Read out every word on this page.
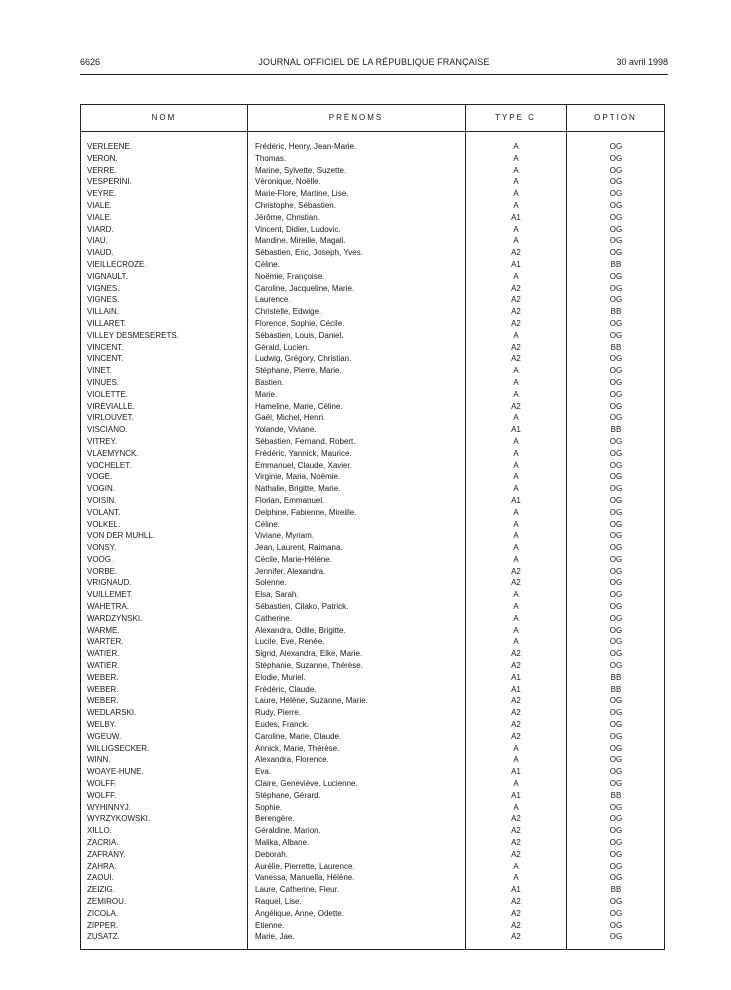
6626	JOURNAL OFFICIEL DE LA RÉPUBLIQUE FRANÇAISE	30 avril 1998
NOM	PRÉNOMS	TYPE C	OPTION
VERLEENE.	Frédéric, Henry, Jean-Marie.	A	OG
VERON.	Thomas.	A	OG
VERRE.	Marine, Sylvette, Suzette.	A	OG
VESPERINI.	Véronique, Noëlle.	A	OG
VEYRE.	Marie-Flore, Martine, Lise.	A	OG
VIALE.	Christophe, Sébastien.	A	OG
VIALE.	Jérôme, Christian.	A1	OG
VIARD.	Vincent, Didier, Ludovic.	A	OG
VIAU.	Mandine, Mireille, Magali.	A	OG
VIAUD.	Sébastien, Eric, Joseph, Yves.	A2	OG
VIEILLECROZE.	Céline.	A1	BB
VIGNAULT.	Noëmie, Françoise.	A	OG
VIGNES.	Caroline, Jacqueline, Marie.	A2	OG
VIGNES.	Laurence.	A2	OG
VILLAIN.	Christelle, Edwige.	A2	BB
VILLARET.	Florence, Sophie, Cécile.	A2	OG
VILLEY DESMESERETS.	Sébastien, Louis, Daniel.	A	OG
VINCENT.	Gérald, Lucien.	A2	BB
VINCENT.	Ludwig, Grégory, Christian.	A2	OG
VINET.	Stéphane, Pierre, Marie.	A	OG
VINUES.	Bastien.	A	OG
VIOLETTE.	Marie.	A	OG
VIREVIALLE.	Hameline, Marie, Céline.	A2	OG
VIRLOUVET.	Gaël, Michel, Henri.	A	OG
VISCIANO.	Yolande, Viviane.	A1	BB
VITREY.	Sébastien, Fernand, Robert.	A	OG
VLAEMYNCK.	Frédéric, Yannick, Maurice.	A	OG
VOCHELET.	Emmanuel, Claude, Xavier.	A	OG
VOGE.	Virginie, Maria, Noëmie.	A	OG
VOGIN.	Nathalie, Brigitte, Marie.	A	OG
VOISIN.	Florian, Emmanuel.	A1	OG
VOLANT.	Delphine, Fabienne, Mireille.	A	OG
VOLKEL.	Céline.	A	OG
VON DER MUHLL.	Viviane, Myriam.	A	OG
VONSY.	Jean, Laurent, Raimana.	A	OG
VOOG.	Cécile, Marie-Hélène.	A	OG
VORBE.	Jennifer, Alexandra.	A2	OG
VRIGNAUD.	Solenne.	A2	OG
VUILLEMET.	Elsa, Sarah.	A	OG
WAHETRA.	Sébastien, Cilako, Patrick.	A	OG
WARDZYNSKI.	Catherine.	A	OG
WARME.	Alexandra, Odile, Brigitte.	A	OG
WARTER.	Lucile, Eve, Renée.	A	OG
WATIER.	Sigrid, Alexandra, Elke, Marie.	A2	OG
WATIER.	Stéphanie, Suzanne, Thérèse.	A2	OG
WEBER.	Elodie, Muriel.	A1	BB
WEBER.	Frédéric, Claude.	A1	BB
WEBER.	Laure, Hélène, Suzanne, Marie.	A2	OG
WEDLARSKI.	Rudy, Pierre.	A2	OG
WELBY.	Eudes, Franck.	A2	OG
WGEUW.	Caroline, Marie, Claude.	A2	OG
WILLIGSECKER.	Annick, Marie, Thérèse.	A	OG
WINN.	Alexandra, Florence.	A	OG
WOAYE-HUNE.	Eva.	A1	OG
WOLFF.	Claire, Geneviève, Lucienne.	A	OG
WOLFF.	Stéphane, Gérard.	A1	BB
WYHINNYJ.	Sophie.	A	OG
WYRZYKOWSKI.	Berengère.	A2	OG
XILLO.	Géraldine, Marion.	A2	OG
ZACRIA.	Malika, Albane.	A2	OG
ZAFRANY.	Deborah.	A2	OG
ZAHRA.	Aurélie, Pierrette, Laurence.	A	OG
ZAOUI.	Vanessa, Manuella, Hélène.	A	OG
ZEIZIG.	Laure, Catherine, Fleur.	A1	BB
ZEMIROU.	Raquel, Lise.	A2	OG
ZICOLA.	Angélique, Anne, Odette.	A2	OG
ZIPPER.	Etienne.	A2	OG
ZUSATZ.	Marie, Jae.	A2	OG
